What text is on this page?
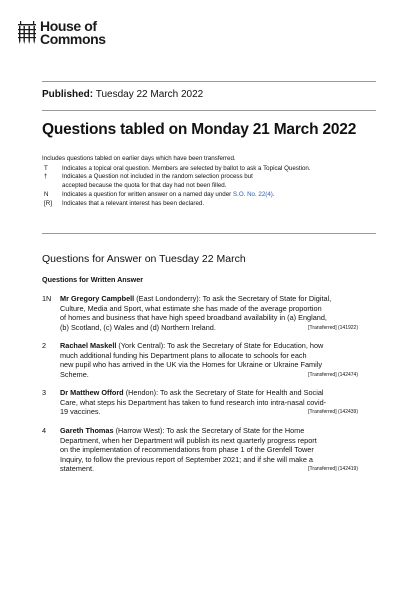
House of
Commons
Published: Tuesday 22 March 2022
Questions tabled on Monday 21 March 2022
Includes questions tabled on earlier days which have been transferred.
T	Indicates a topical oral question. Members are selected by ballot to ask a Topical Question.
†	Indicates a Question not included in the random selection process but
accepted because the quota for that day had not been filled.
N	Indicates a question for written answer on a named day under S.O. No. 22(4).
[R]	Indicates that a relevant interest has been declared.
Questions for Answer on Tuesday 22 March
Questions for Written Answer
1N Mr Gregory Campbell (East Londonderry): To ask the Secretary of State for Digital,
Culture, Media and Sport, what estimate she has made of the average proportion
of homes and business that have high speed broadband availability in (a) England,
(b) Scotland, (c) Wales and (d) Northern Ireland.	[Transferred] (141922)
2 Rachael Maskell (York Central): To ask the Secretary of State for Education, how
much additional funding his Department plans to allocate to schools for each
new pupil who has arrived in the UK via the Homes for Ukraine or Ukraine Family
Scheme.	[Transferred] (142474)
3 Dr Matthew Offord (Hendon): To ask the Secretary of State for Health and Social
Care, what steps his Department has taken to fund research into intra-nasal covid-
19 vaccines.	[Transferred] (142439)
4 Gareth Thomas (Harrow West): To ask the Secretary of State for the Home
Department, when her Department will publish its next quarterly progress report
on the implementation of recommendations from phase 1 of the Grenfell Tower
Inquiry, to follow the previous report of September 2021; and if she will make a
statement.	[Transferred] (142419)
